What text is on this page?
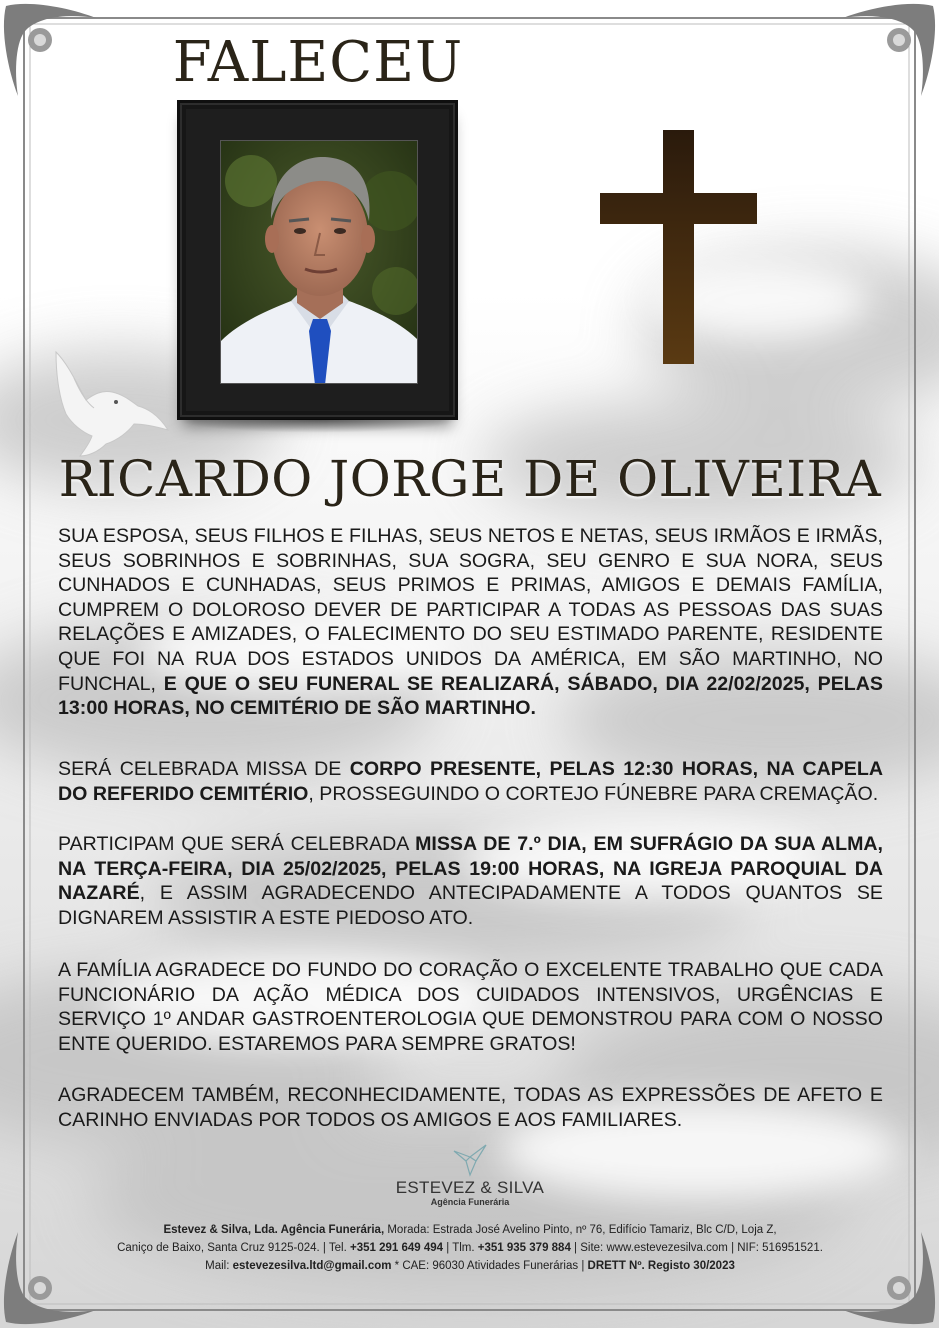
FALECEU
RICARDO JORGE DE OLIVEIRA

SUA ESPOSA, SEUS FILHOS E FILHAS, SEUS NETOS E NETAS, SEUS IRMÃOS E IRMÃS, SEUS SOBRINHOS E SOBRINHAS, SUA SOGRA, SEU GENRO E SUA NORA, SEUS CUNHADOS E CUNHADAS, SEUS PRIMOS E PRIMAS, AMIGOS E DEMAIS FAMÍLIA, CUMPREM O DOLOROSO DEVER DE PARTICIPAR A TODAS AS PESSOAS DAS SUAS RELAÇÕES E AMIZADES, O FALECIMENTO DO SEU ESTIMADO PARENTE, RESIDENTE QUE FOI NA RUA DOS ESTADOS UNIDOS DA AMÉRICA, EM SÃO MARTINHO, NO FUNCHAL, E QUE O SEU FUNERAL SE REALIZARÁ, SÁBADO, DIA 22/02/2025, PELAS 13:00 HORAS, NO CEMITÉRIO DE SÃO MARTINHO.

SERÁ CELEBRADA MISSA DE CORPO PRESENTE, PELAS 12:30 HORAS, NA CAPELA DO REFERIDO CEMITÉRIO, PROSSEGUINDO O CORTEJO FÚNEBRE PARA CREMAÇÃO.

PARTICIPAM QUE SERÁ CELEBRADA MISSA DE 7.º DIA, EM SUFRÁGIO DA SUA ALMA, NA TERÇA-FEIRA, DIA 25/02/2025, PELAS 19:00 HORAS, NA IGREJA PAROQUIAL DA NAZARÉ, E ASSIM AGRADECENDO ANTECIPADAMENTE A TODOS QUANTOS SE DIGNAREM ASSISTIR A ESTE PIEDOSO ATO.

A FAMÍLIA AGRADECE DO FUNDO DO CORAÇÃO O EXCELENTE TRABALHO QUE CADA FUNCIONÁRIO DA AÇÃO MÉDICA DOS CUIDADOS INTENSIVOS, URGÊNCIAS E SERVIÇO 1º ANDAR GASTROENTEROLOGIA QUE DEMONSTROU PARA COM O NOSSO ENTE QUERIDO. ESTAREMOS PARA SEMPRE GRATOS!

AGRADECEM TAMBÉM, RECONHECIDAMENTE, TODAS AS EXPRESSÕES DE AFETO E CARINHO ENVIADAS POR TODOS OS AMIGOS E AOS FAMILIARES.

ESTEVEZ & SILVA
Agência Funerária
Estevez & Silva, Lda. Agência Funerária, Morada: Estrada José Avelino Pinto, nº 76, Edifício Tamariz, Blc C/D, Loja Z,
Caniço de Baixo, Santa Cruz 9125-024. | Tel. +351 291 649 494 | Tlm. +351 935 379 884 | Site: www.estevezesilva.com | NIF: 516951521.
Mail: estevezesilva.ltd@gmail.com * CAE: 96030 Atividades Funerárias | DRETT Nº. Registo 30/2023
